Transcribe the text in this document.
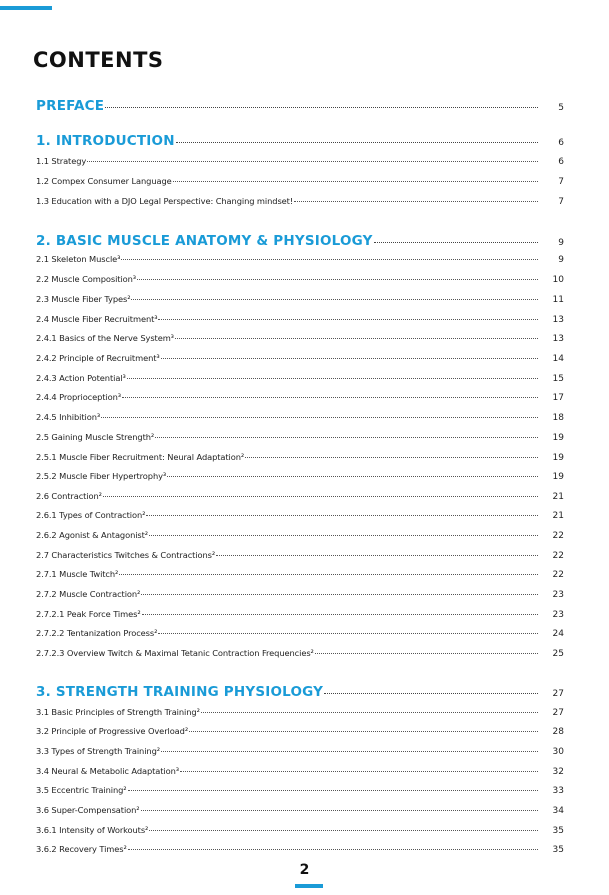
CONTENTS
PREFACE	5
1. INTRODUCTION	6
1.1 Strategy	6
1.2 Compex Consumer Language	7
1.3 Education with a DJO Legal Perspective: Changing mindset!	7
2. BASIC MUSCLE ANATOMY & PHYSIOLOGY	9
2.1 Skeleton Muscle³	9
2.2 Muscle Composition³	10
2.3 Muscle Fiber Types²	11
2.4 Muscle Fiber Recruitment³	13
2.4.1 Basics of the Nerve System³	13
2.4.2 Principle of Recruitment³	14
2.4.3 Action Potential³	15
2.4.4 Proprioception³	17
2.4.5 Inhibition³	18
2.5 Gaining Muscle Strength²	19
2.5.1 Muscle Fiber Recruitment: Neural Adaptation²	19
2.5.2 Muscle Fiber Hypertrophy³	19
2.6 Contraction²	21
2.6.1 Types of Contraction²	21
2.6.2 Agonist & Antagonist²	22
2.7 Characteristics Twitches & Contractions²	22
2.7.1 Muscle Twitch²	22
2.7.2 Muscle Contraction²	23
2.7.2.1 Peak Force Times²	23
2.7.2.2 Tentanization Process²	24
2.7.2.3 Overview Twitch & Maximal Tetanic Contraction Frequencies²	25
3. STRENGTH TRAINING PHYSIOLOGY	27
3.1 Basic Principles of Strength Training²	27
3.2 Principle of Progressive Overload²	28
3.3 Types of Strength Training²	30
3.4 Neural & Metabolic Adaptation³	32
3.5 Eccentric Training²	33
3.6 Super-Compensation²	34
3.6.1 Intensity of Workouts²	35
3.6.2 Recovery Times²	35
2
